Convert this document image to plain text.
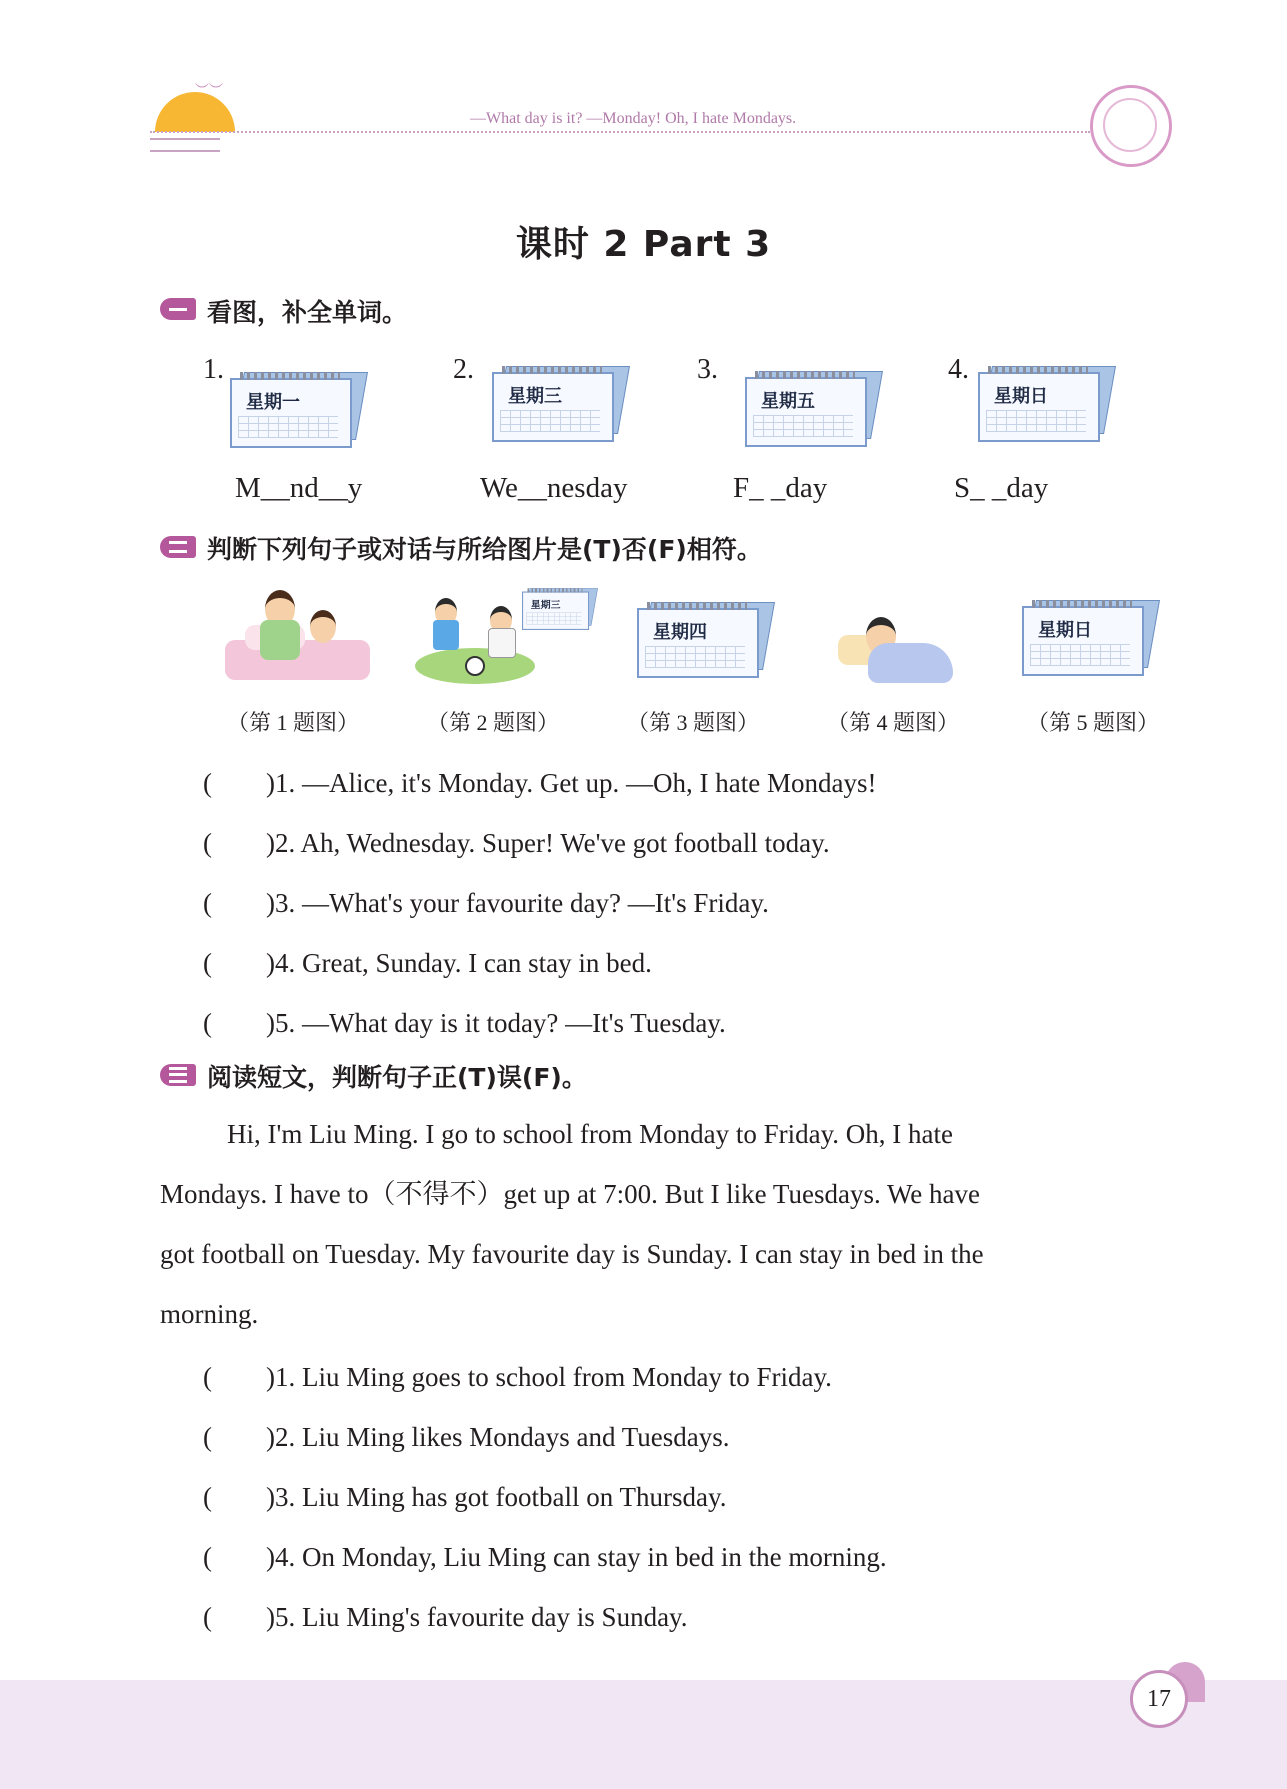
︶︶
—What day is it? —Monday! Oh, I hate Mondays.
课时 2 Part 3
看图，补全单词。
1.
星期一
M__nd__y
2.
星期三
We__nesday
3.
星期五
F_ _day
4.
星期日
S_ _day
判断下列句子或对话与所给图片是(T)否(F)相符。
（第 1 题图）
星期三
（第 2 题图）
星期四
（第 3 题图）	（第 4 题图）
星期日
（第 5 题图）
(　　)1. —Alice, it's Monday. Get up. —Oh, I hate Mondays!
(　　)2. Ah, Wednesday. Super! We've got football today.
(　　)3. —What's your favourite day? —It's Friday.
(　　)4. Great, Sunday. I can stay in bed.
(　　)5. —What day is it today? —It's Tuesday.
阅读短文，判断句子正(T)误(F)。
Hi, I'm Liu Ming. I go to school from Monday to Friday. Oh, I hate
Mondays. I have to（不得不）get up at 7:00. But I like Tuesdays. We have
got football on Tuesday. My favourite day is Sunday. I can stay in bed in the
morning.
(　　)1. Liu Ming goes to school from Monday to Friday.
(　　)2. Liu Ming likes Mondays and Tuesdays.
(　　)3. Liu Ming has got football on Thursday.
(　　)4. On Monday, Liu Ming can stay in bed in the morning.
(　　)5. Liu Ming's favourite day is Sunday.
17
